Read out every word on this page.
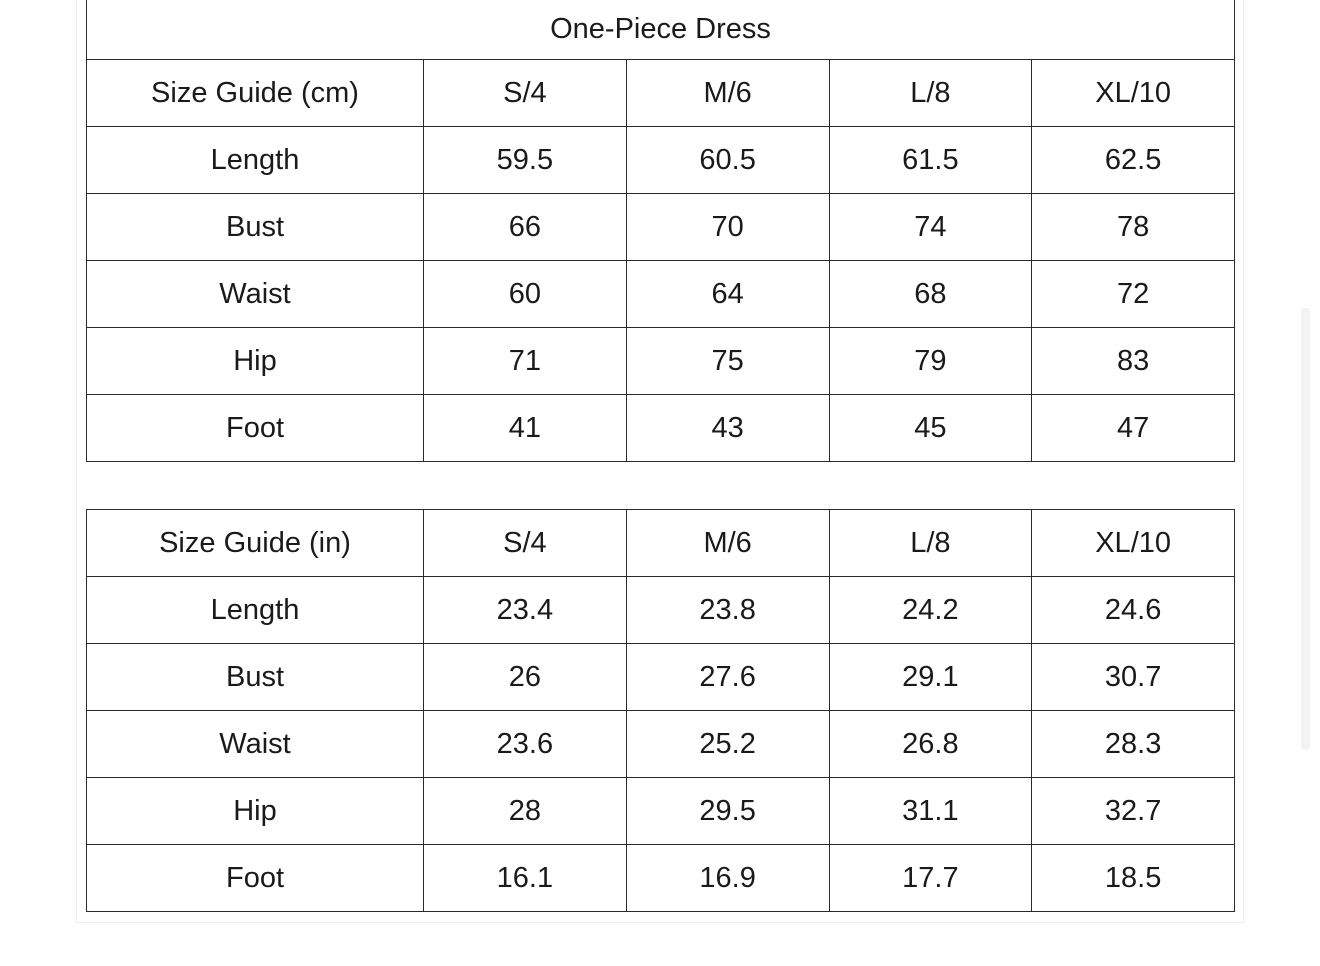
One-Piece Dress				
Size Guide (cm)	S/4	M/6	L/8	XL/10
Length	59.5	60.5	61.5	62.5
Bust	66	70	74	78
Waist	60	64	68	72
Hip	71	75	79	83
Foot	41	43	45	47
Size Guide (in)	S/4	M/6	L/8	XL/10
Length	23.4	23.8	24.2	24.6
Bust	26	27.6	29.1	30.7
Waist	23.6	25.2	26.8	28.3
Hip	28	29.5	31.1	32.7
Foot	16.1	16.9	17.7	18.5
